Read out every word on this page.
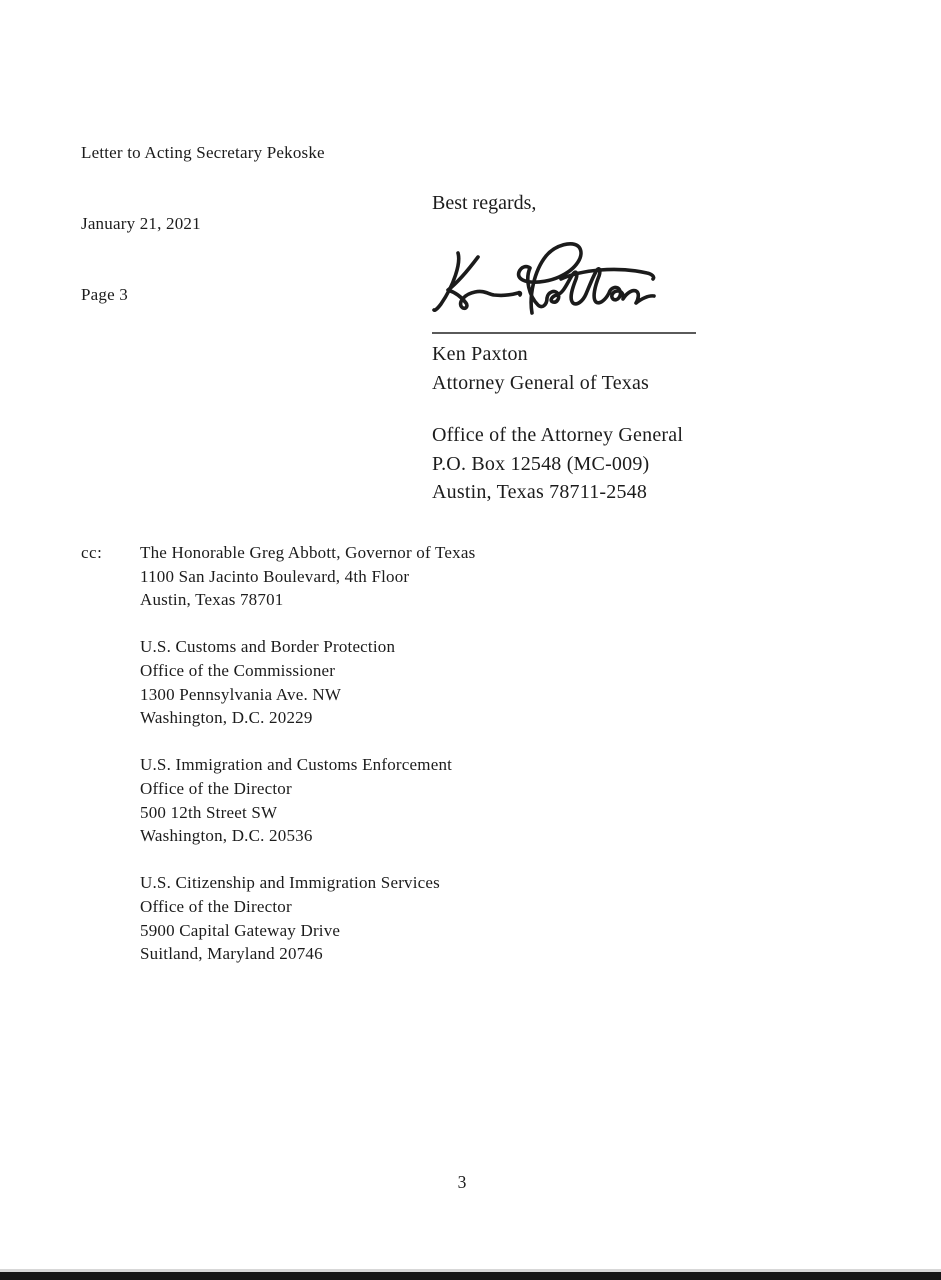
Letter to Acting Secretary Pekoske

January 21, 2021

Page 3

Best regards,
Ken Paxton
Attorney General of Texas
Office of the Attorney General
P.O. Box 12548 (MC-009)
Austin, Texas 78711-2548
cc: The Honorable Greg Abbott, Governor of Texas
1100 San Jacinto Boulevard, 4th Floor
Austin, Texas 78701
U.S. Customs and Border Protection
Office of the Commissioner
1300 Pennsylvania Ave. NW
Washington, D.C. 20229
U.S. Immigration and Customs Enforcement
Office of the Director
500 12th Street SW
Washington, D.C. 20536
U.S. Citizenship and Immigration Services
Office of the Director
5900 Capital Gateway Drive
Suitland, Maryland 20746
3
